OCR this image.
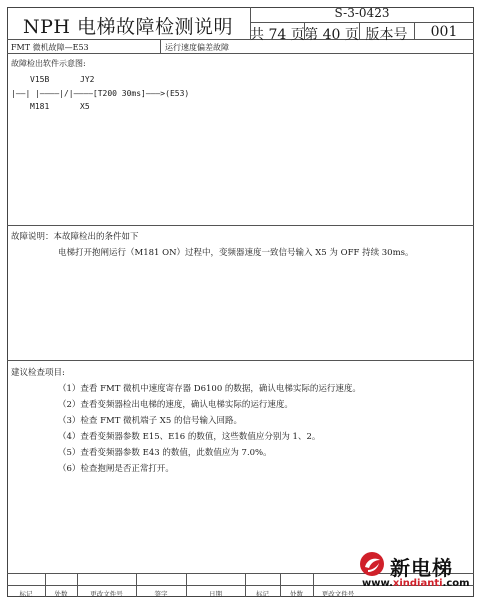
NPH 电梯故障检测说明
S-3-0423
共 74 页 第 40 页 版本号	001
FMT 微机故障—E53	运行速度偏差故障
故障检出软件示意图:
V15B	JY2
|——| |————|/|————[T200 30ms]———>(E53)
M181	X5
故障说明：本故障检出的条件如下
电梯打开抱闸运行（M181 ON）过程中，变频器速度一致信号输入 X5 为 OFF 持续 30ms。
建议检查项目:
（1）查看 FMT 微机中速度寄存器 D6100 的数据，确认电梯实际的运行速度。
（2）查看变频器检出电梯的速度，确认电梯实际的运行速度。
（3）检查 FMT 微机端子 X5 的信号输入回路。
（4）查看变频器参数 E15、E16 的数值，这些数值应分别为 1、2。
（5）查看变频器参数 E43 的数值，此数值应为 7.0%。
（6）检查抱闸是否正常打开。
标记	处数	更改文件号	签字	日期	标记	处数	更改文件号
新电梯
www.xindianti.com
